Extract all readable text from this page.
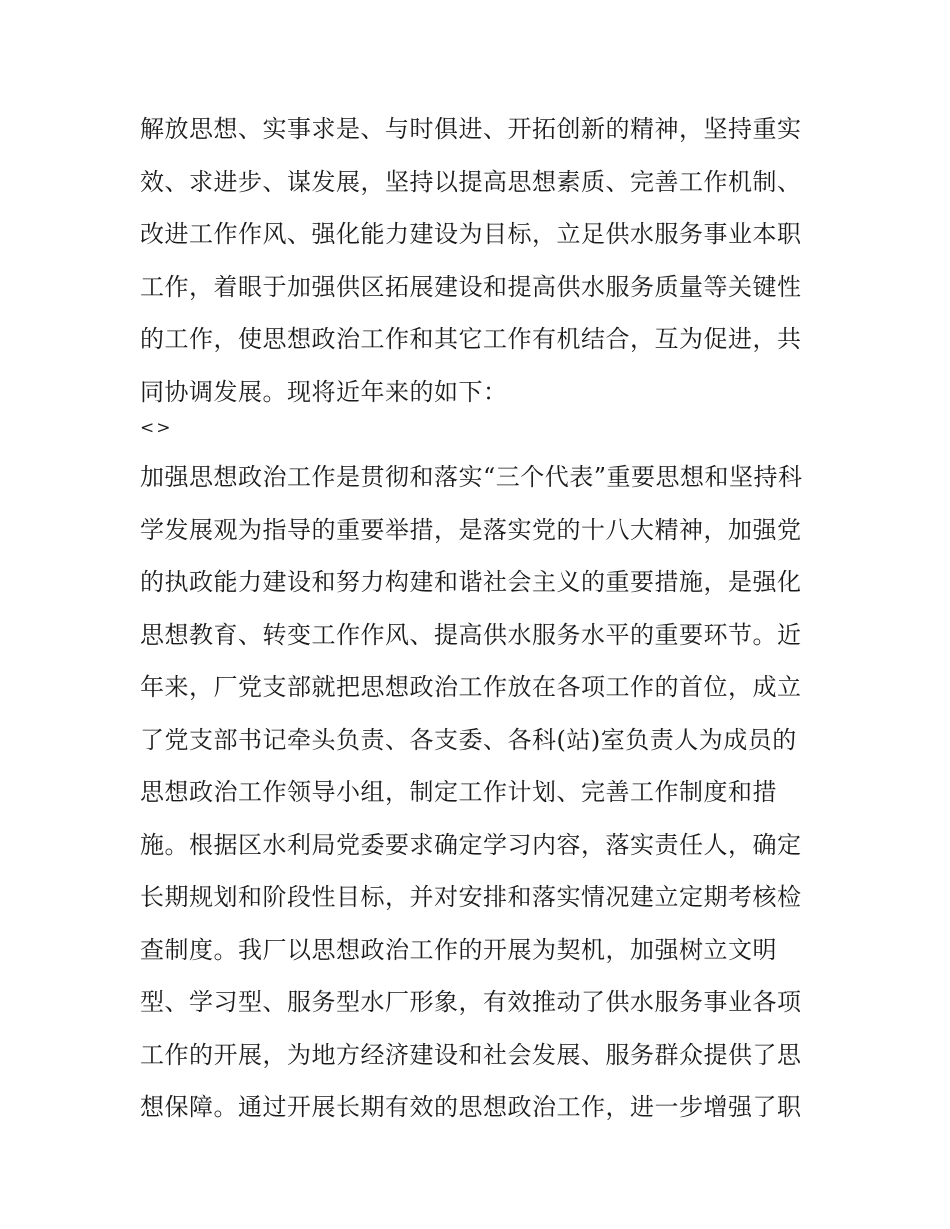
解放思想、实事求是、与时俱进、开拓创新的精神，坚持重实
效、求进步、谋发展，坚持以提高思想素质、完善工作机制、
改进工作作风、强化能力建设为目标，立足供水服务事业本职
工作，着眼于加强供区拓展建设和提高供水服务质量等关键性
的工作，使思想政治工作和其它工作有机结合，互为促进，共
同协调发展。现将近年来的如下：
<>
加强思想政治工作是贯彻和落实“三个代表”重要思想和坚持科
学发展观为指导的重要举措，是落实党的十八大精神，加强党
的执政能力建设和努力构建和谐社会主义的重要措施，是强化
思想教育、转变工作作风、提高供水服务水平的重要环节。近
年来，厂党支部就把思想政治工作放在各项工作的首位，成立
了党支部书记牵头负责、各支委、各科(站)室负责人为成员的
思想政治工作领导小组，制定工作计划、完善工作制度和措
施。根据区水利局党委要求确定学习内容，落实责任人，确定
长期规划和阶段性目标，并对安排和落实情况建立定期考核检
查制度。我厂以思想政治工作的开展为契机，加强树立文明
型、学习型、服务型水厂形象，有效推动了供水服务事业各项
工作的开展，为地方经济建设和社会发展、服务群众提供了思
想保障。通过开展长期有效的思想政治工作，进一步增强了职
